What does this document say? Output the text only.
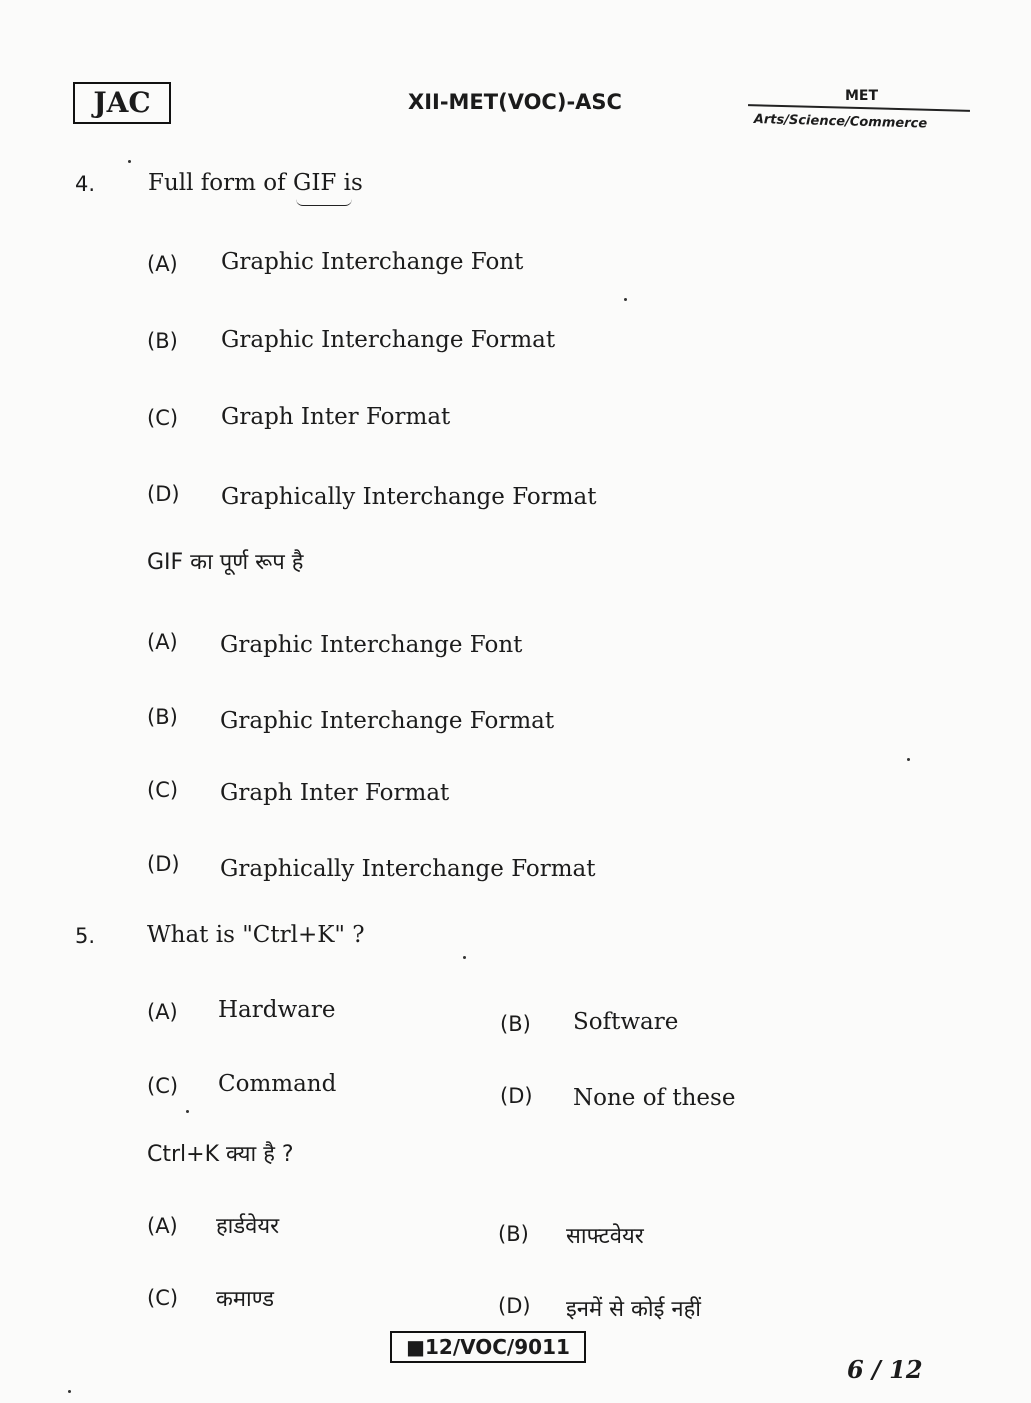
JAC	XII-MET(VOC)-ASC	MET
Arts/Science/Commerce
4. Full form of GIF is
(A) Graphic Interchange Font
(B) Graphic Interchange Format
(C) Graph Inter Format
(D) Graphically Interchange Format
GIF का पूर्ण रूप है
(A) Graphic Interchange Font
(B) Graphic Interchange Format
(C) Graph Inter Format
(D) Graphically Interchange Format
5. What is "Ctrl+K" ?
(A) Hardware
(B) Software
(C) Command	(D) None of these
Ctrl+K क्या है ?
(A) हार्डवेयर	(B) साफ्टवेयर
(C) कमाण्ड	(D) इनमें से कोई नहीं
■12/VOC/9011
6 / 12
